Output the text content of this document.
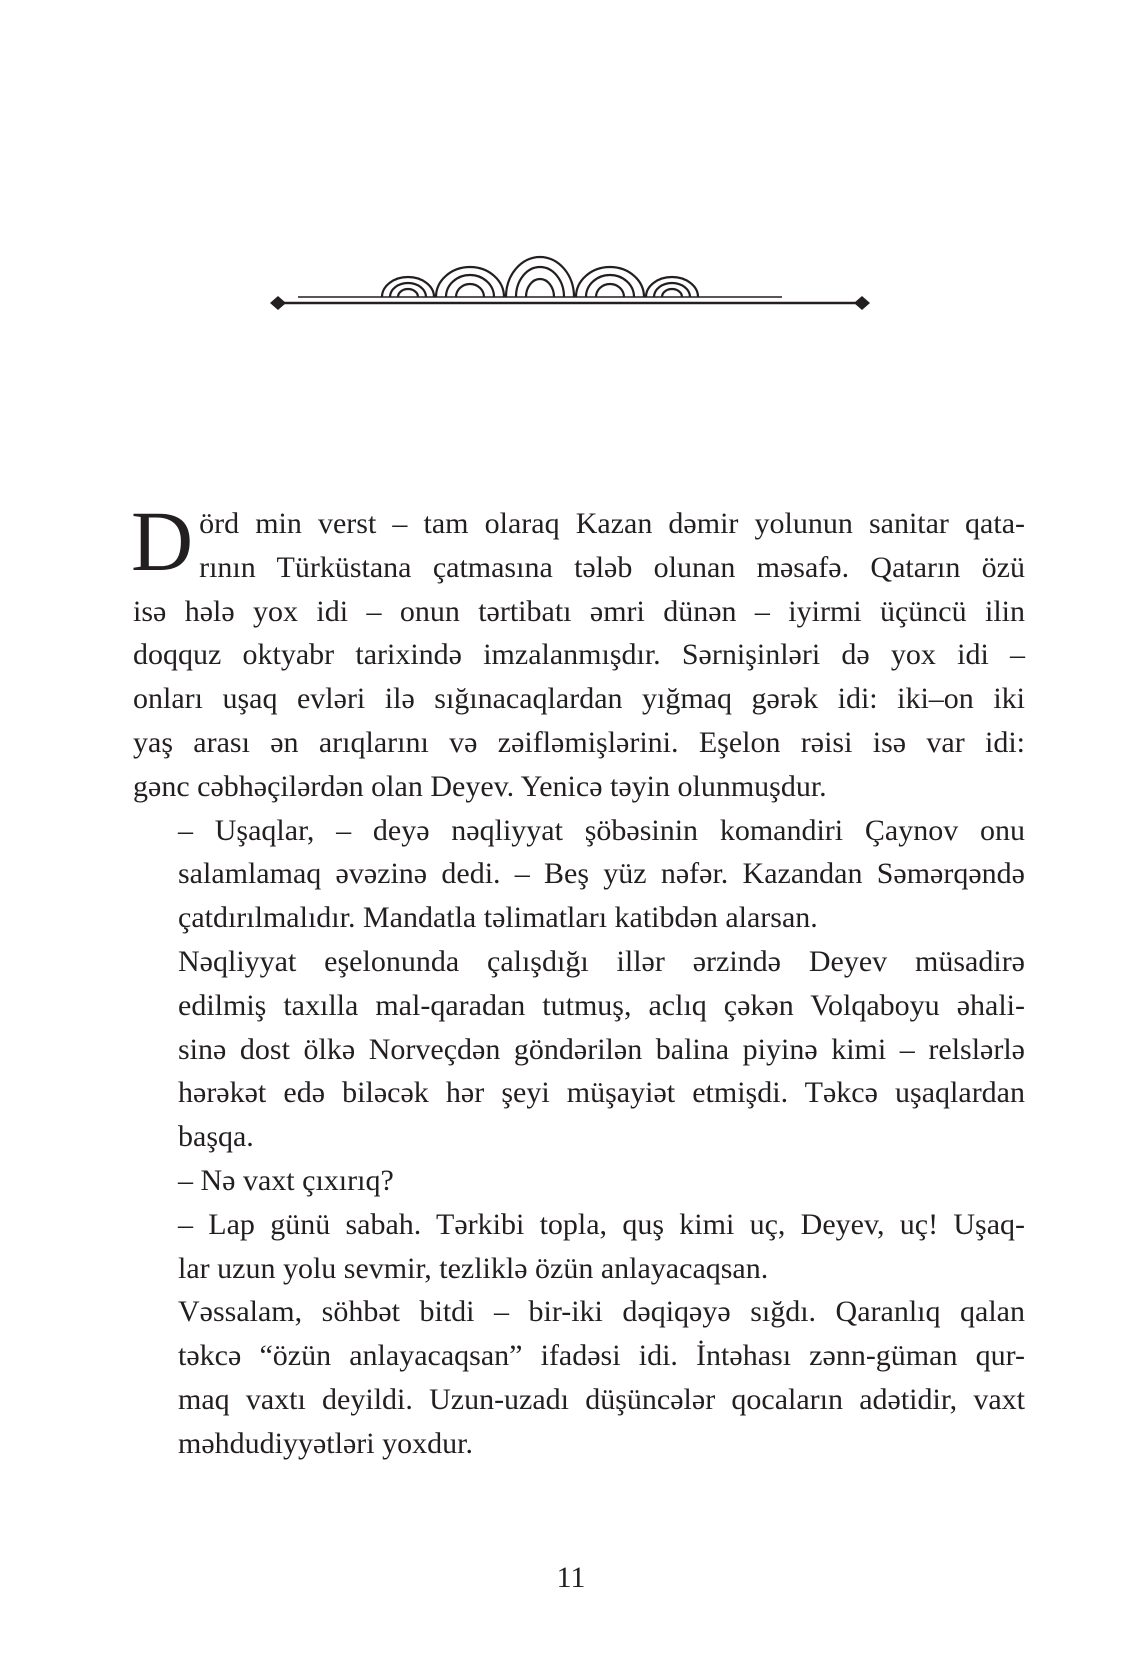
D örd min verst – tam olaraq Kazan dəmir yolunun sanitar qata-
rının Türküstana çatmasına tələb olunan məsafə. Qatarın özü
isə hələ yox idi – onun tərtibatı əmri dünən – iyirmi üçüncü ilin
doqquz oktyabr tarixində imzalanmışdır. Sərnişinləri də yox idi –
onları uşaq evləri ilə sığınacaqlardan yığmaq gərək idi: iki–on iki
yaş arası ən arıqlarını və zəifləmişlərini. Eşelon rəisi isə var idi:
gənc cəbhəçilərdən olan Deyev. Yenicə təyin olunmuşdur.

– Uşaqlar, – deyə nəqliyyat şöbəsinin komandiri Çaynov onu
salamlamaq əvəzinə dedi. – Beş yüz nəfər. Kazandan Səmərqəndə
çatdırılmalıdır. Mandatla təlimatları katibdən alarsan.

Nəqliyyat eşelonunda çalışdığı illər ərzində Deyev müsadirə
edilmiş taxılla mal-qaradan tutmuş, aclıq çəkən Volqaboyu əhali-
sinə dost ölkə Norveçdən göndərilən balina piyinə kimi – relslərlə
hərəkət edə biləcək hər şeyi müşayiət etmişdi. Təkcə uşaqlardan
başqa.

– Nə vaxt çıxırıq?

– Lap günü sabah. Tərkibi topla, quş kimi uç, Deyev, uç! Uşaq-
lar uzun yolu sevmir, tezliklə özün anlayacaqsan.

Vəssalam, söhbət bitdi – bir-iki dəqiqəyə sığdı. Qaranlıq qalan
təkcə “özün anlayacaqsan” ifadəsi idi. İntəhası zənn-güman qur-
maq vaxtı deyildi. Uzun-uzadı düşüncələr qocaların adətidir, vaxt
məhdudiyyətləri yoxdur.

11
